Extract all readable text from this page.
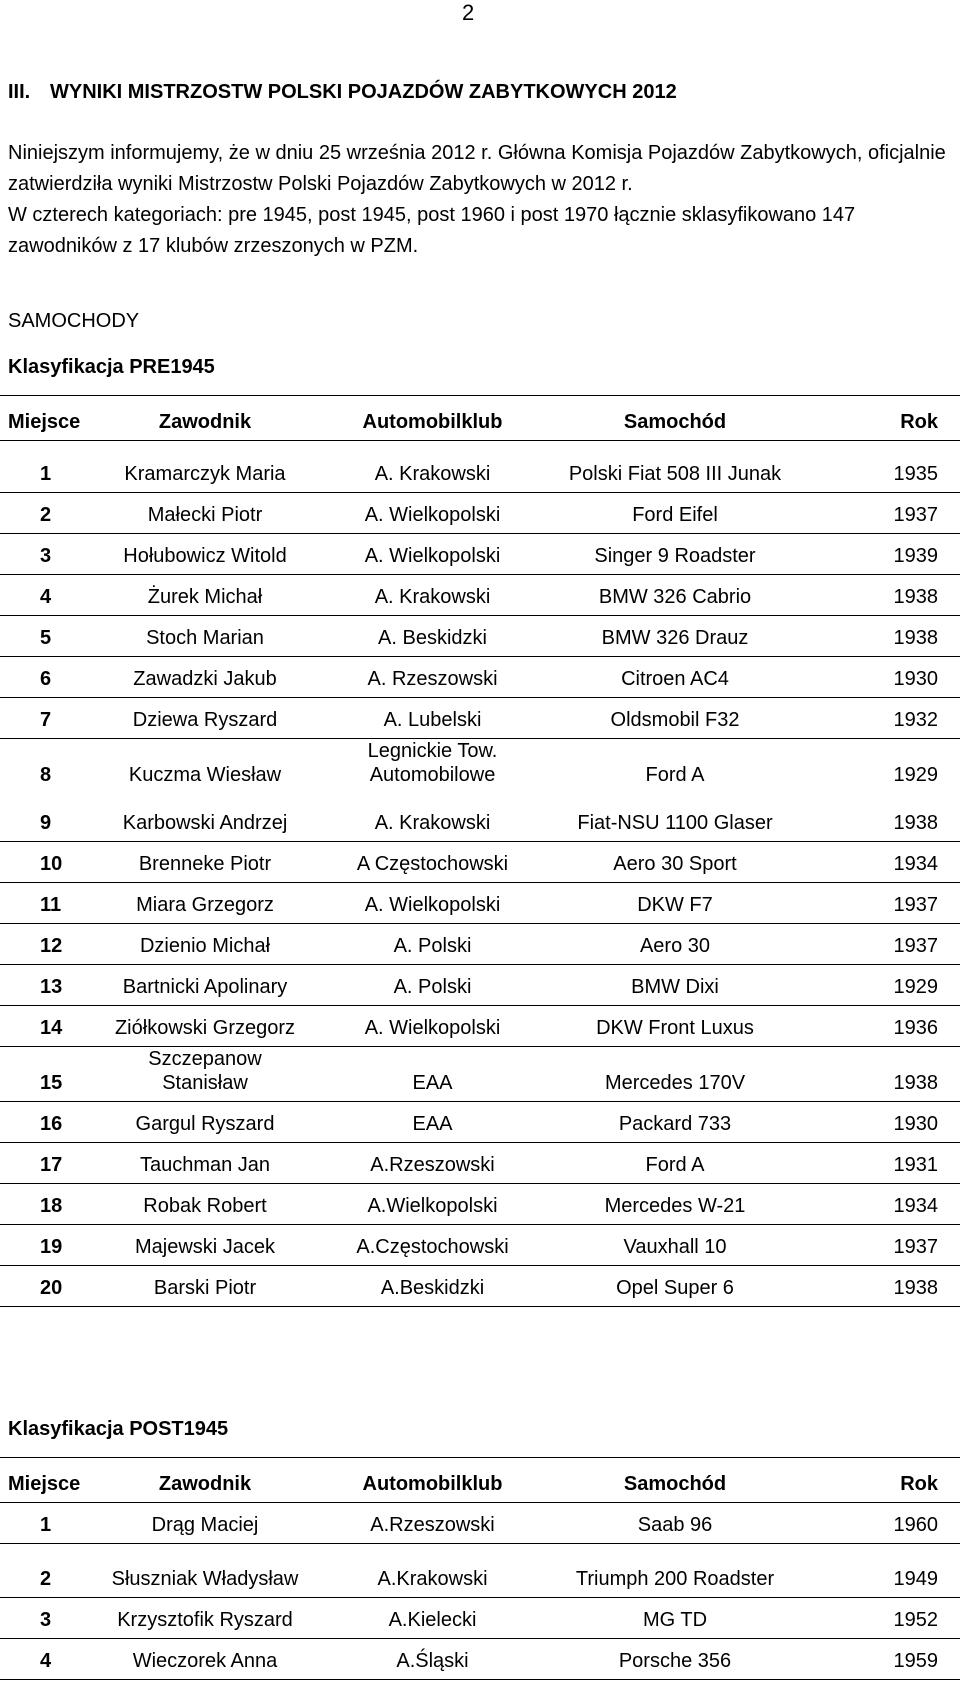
2
III. WYNIKI MISTRZOSTW POLSKI POJAZDÓW ZABYTKOWYCH 2012

Niniejszym informujemy, że w dniu 25 września 2012 r. Główna Komisja Pojazdów Zabytkowych, oficjalnie zatwierdziła wyniki Mistrzostw Polski Pojazdów Zabytkowych w 2012 r.

W czterech kategoriach: pre 1945, post 1945, post 1960 i post 1970 łącznie sklasyfikowano 147 zawodników z 17 klubów zrzeszonych w PZM.

SAMOCHODY
Klasyfikacja PRE1945
Miejsce	Zawodnik	Automobilklub	Samochód	Rok
1	Kramarczyk Maria	A. Krakowski	Polski Fiat 508 III Junak	1935
2	Małecki Piotr	A. Wielkopolski	Ford Eifel	1937
3	Hołubowicz Witold	A. Wielkopolski	Singer 9 Roadster	1939
4	Żurek Michał	A. Krakowski	BMW 326 Cabrio	1938
5	Stoch Marian	A. Beskidzki	BMW 326 Drauz	1938
6	Zawadzki Jakub	A. Rzeszowski	Citroen AC4	1930
7	Dziewa Ryszard	A. Lubelski	Oldsmobil F32	1932
8	Kuczma Wiesław	Legnickie Tow. Automobilowe	Ford A	1929
9	Karbowski Andrzej	A. Krakowski	Fiat-NSU 1100 Glaser	1938
10	Brenneke Piotr	A Częstochowski	Aero 30 Sport	1934
11	Miara Grzegorz	A. Wielkopolski	DKW F7	1937
12	Dzienio Michał	A. Polski	Aero 30	1937
13	Bartnicki Apolinary	A. Polski	BMW Dixi	1929
14	Ziółkowski Grzegorz	A. Wielkopolski	DKW Front Luxus	1936
15	Szczepanow Stanisław	EAA	Mercedes 170V	1938
16	Gargul Ryszard	EAA	Packard 733	1930
17	Tauchman Jan	A.Rzeszowski	Ford A	1931
18	Robak Robert	A.Wielkopolski	Mercedes W-21	1934
19	Majewski Jacek	A.Częstochowski	Vauxhall 10	1937
20	Barski Piotr	A.Beskidzki	Opel Super 6	1938
Klasyfikacja POST1945
Miejsce	Zawodnik	Automobilklub	Samochód	Rok
1	Drąg Maciej	A.Rzeszowski	Saab 96	1960
2	Słuszniak Władysław	A.Krakowski	Triumph 200 Roadster	1949
3	Krzysztofik Ryszard	A.Kielecki	MG TD	1952
4	Wieczorek Anna	A.Śląski	Porsche 356	1959
